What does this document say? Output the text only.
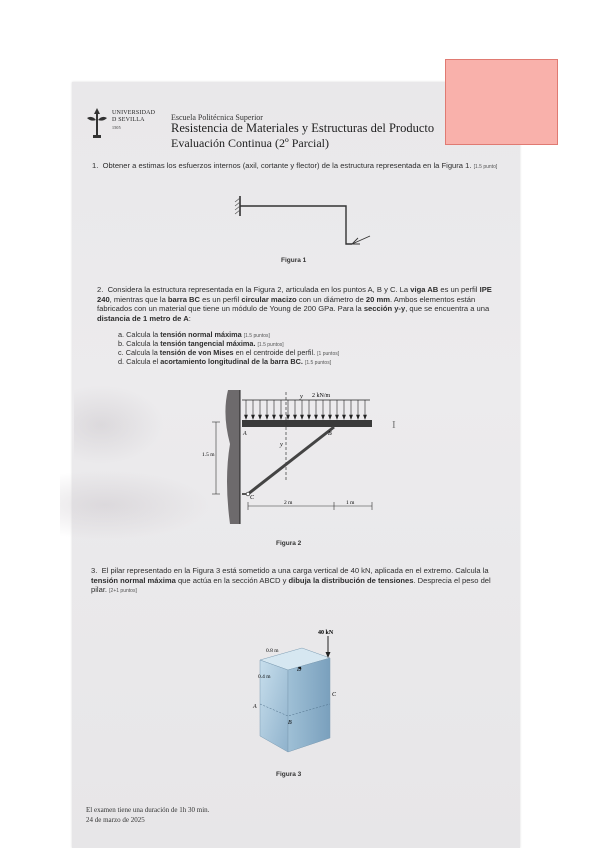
UNIVERSIDAD
D SEVILLA
1505
Escuela Politécnica Superior
Resistencia de Materiales y Estructuras del Producto
Evaluación Continua (2º Parcial)
1. Obtener a estimas los esfuerzos internos (axil, cortante y flector) de la estructura representada en la Figura 1. [1.5 punto]
Figura 1
2. Considera la estructura representada en la Figura 2, articulada en los puntos A, B y C. La viga AB es un perfil IPE 240, mientras que la barra BC es un perfil circular macizo con un diámetro de 20 mm. Ambos elementos están fabricados con un material que tiene un módulo de Young de 200 GPa. Para la sección y-y, que se encuentra a una distancia de 1 metro de A:
a. Calcula la tensión normal máxima [1.5 puntos]
b. Calcula la tensión tangencial máxima. [1.5 puntos]
c. Calcula la tensión de von Mises en el centroide del perfil. [1 puntos]
d. Calcula el acortamiento longitudinal de la barra BC. [1.5 puntos]
y 2 kN/m
A	B
y
C
1.5 m
2 m	1 m
I
Figura 2
3. El pilar representado en la Figura 3 está sometido a una carga vertical de 40 kN, aplicada en el extremo. Calcula la tensión normal máxima que actúa en la sección ABCD y dibuja la distribución de tensiones. Desprecia el peso del pilar. [2+1 puntos]
40 kN
0.8 m
0.4 m
D
A
C
B
Figura 3
El examen tiene una duración de 1h 30 min.
24 de marzo de 2025
